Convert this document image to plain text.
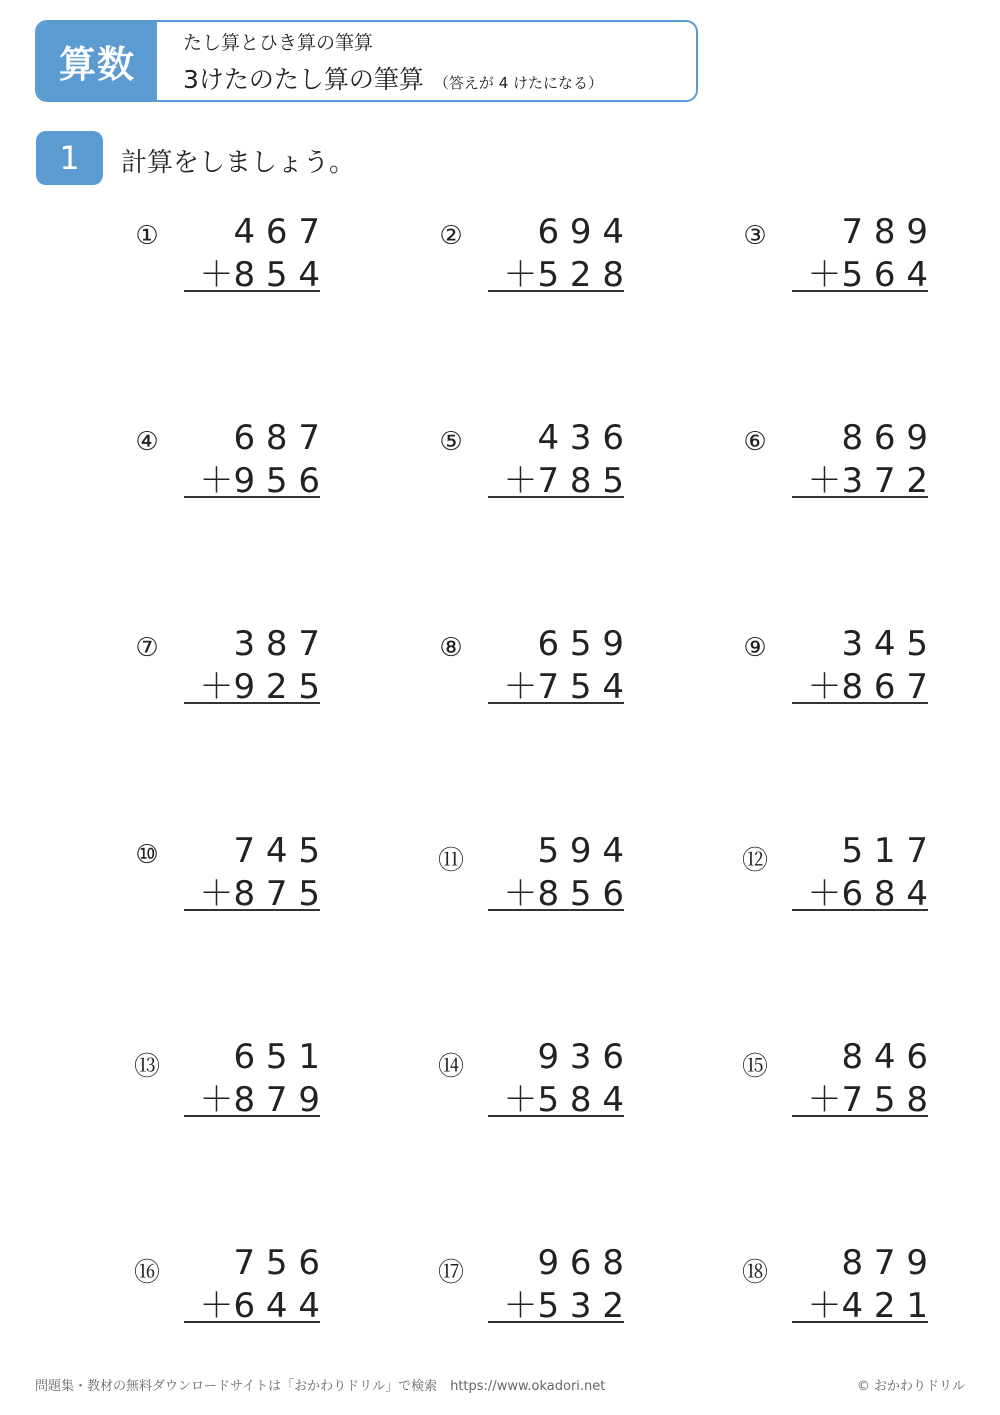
算数	たし算とひき算の筆算
3けたのたし算の筆算 （答えが 4 けたになる）
1	計算をしましょう。
① 4 6 7
＋8 5 4
② 6 9 4
＋5 2 8
③ 7 8 9
＋5 6 4
④ 6 8 7
＋9 5 6
⑤ 4 3 6
＋7 8 5
⑥ 8 6 9
＋3 7 2
⑦ 3 8 7
＋9 2 5
⑧ 6 5 9
＋7 5 4
⑨ 3 4 5
＋8 6 7
⑩ 7 4 5
＋8 7 5
⑪ 5 9 4
＋8 5 6
⑫ 5 1 7
＋6 8 4
⑬ 6 5 1
＋8 7 9
⑭ 9 3 6
＋5 8 4
⑮ 8 4 6
＋7 5 8
⑯ 7 5 6
＋6 4 4
⑰ 9 6 8
＋5 3 2
⑱ 8 7 9
＋4 2 1
問題集・教材の無料ダウンロードサイトは「おかわりドリル」で検索　https://www.okadori.net	© おかわりドリル
